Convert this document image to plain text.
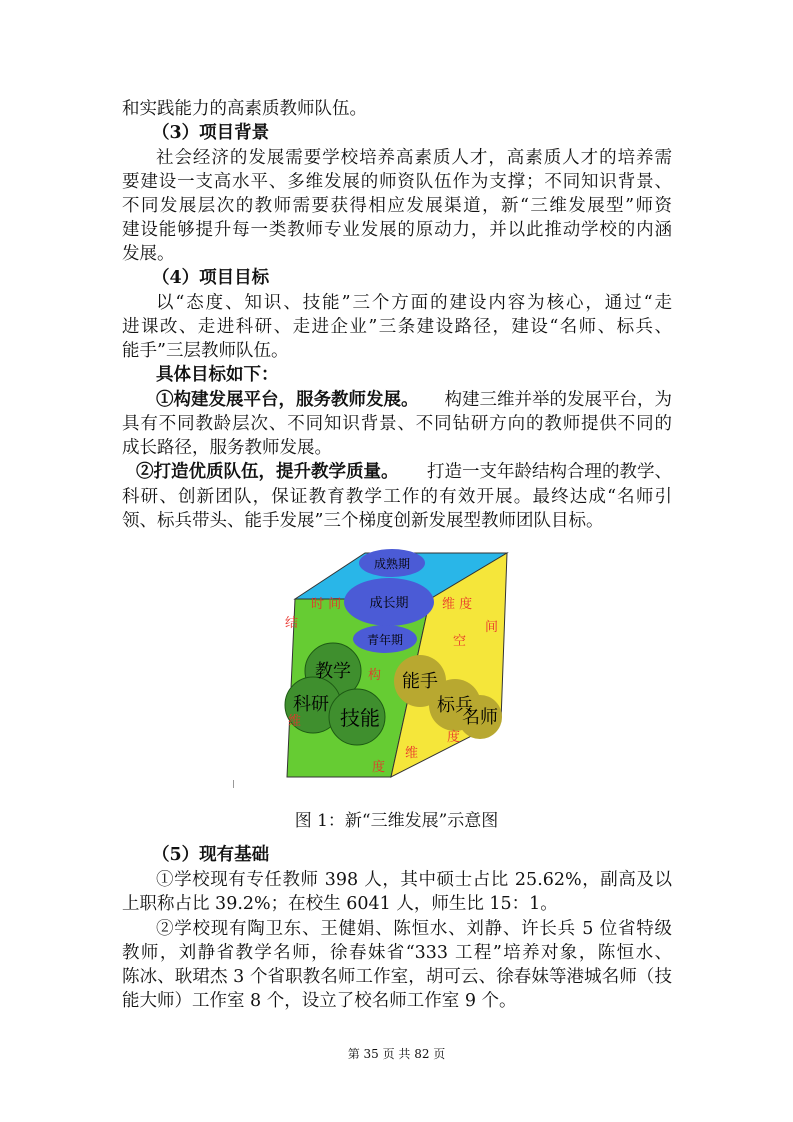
和实践能力的高素质教师队伍。
（3）项目背景
社会经济的发展需要学校培养高素质人才，高素质人才的培养需
要建设一支高水平、多维发展的师资队伍作为支撑；不同知识背景、
不同发展层次的教师需要获得相应发展渠道，新“三维发展型”师资
建设能够提升每一类教师专业发展的原动力，并以此推动学校的内涵
发展。
（4）项目目标
以“态度、知识、技能”三个方面的建设内容为核心，通过“走
进课改、走进科研、走进企业”三条建设路径，建设“名师、标兵、
能手”三层教师队伍。
具体目标如下：
①构建发展平台，服务教师发展。 构建三维并举的发展平台，为
具有不同教龄层次、不同知识背景、不同钻研方向的教师提供不同的
成长路径，服务教师发展。
②打造优质队伍，提升教学质量。 打造一支年龄结构合理的教学、
科研、创新团队，保证教育教学工作的有效开展。最终达成“名师引
领、标兵带头、能手发展”三个梯度创新发展型教师团队目标。
成熟期
成长期
青年期
时 间	维 度
教学
科研
技能
结
构
维
度
能手
标兵
名师
空
间
维
度
图 1：新“三维发展”示意图
（5）现有基础
①学校现有专任教师 398 人，其中硕士占比 25.62%，副高及以
上职称占比 39.2%；在校生 6041 人，师生比 15：1。
②学校现有陶卫东、王健娟、陈恒水、刘静、许长兵 5 位省特级
教师，刘静省教学名师，徐春妹省“333 工程”培养对象，陈恒水、
陈冰、耿珺杰 3 个省职教名师工作室，胡可云、徐春妹等港城名师（技
能大师）工作室 8 个，设立了校名师工作室 9 个。
第 35 页 共 82 页
